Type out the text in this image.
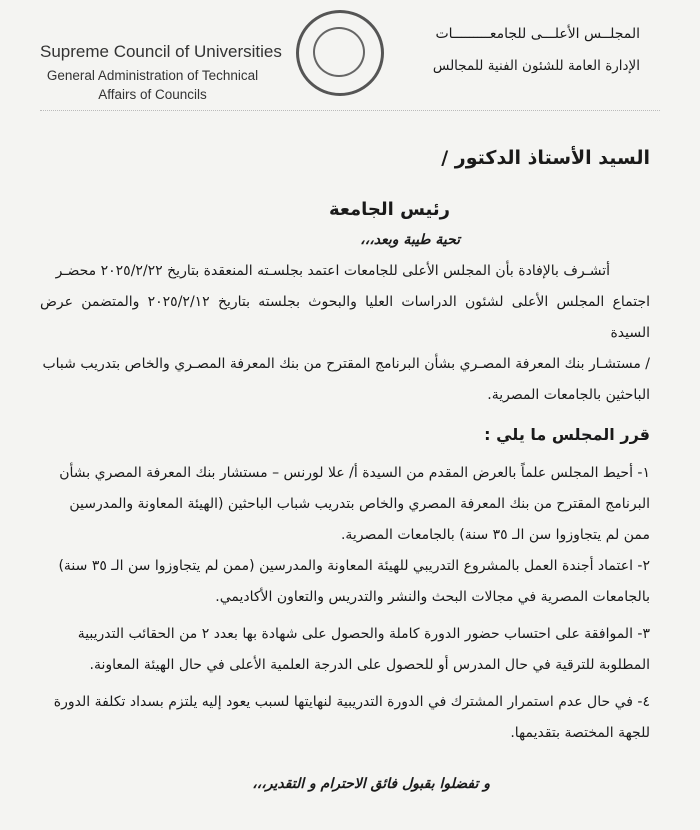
Supreme Council of Universities
General Administration of Technical
Affairs of Councils
المجلــس الأعلـــى للجامعـــــــــات
الإدارة العامة للشئون الفنية للمجالس
السيد الأستاذ الدكتور /
رئيس الجامعة
تحية طيبة وبعد،،،
أتشـرف بالإفادة بأن المجلس الأعلى للجامعات اعتمد بجلسـته المنعقدة بتاريخ ٢٠٢٥/٢/٢٢ محضـر
اجتماع المجلس الأعلى لشئون الدراسات العليا والبحوث بجلسته بتاريخ ٢٠٢٥/٢/١٢ والمتضمن عرض السيدة
/ مستشـار بنك المعرفة المصـري بشأن البرنامج المقترح من بنك المعرفة المصـري والخاص بتدريب شباب
الباحثين بالجامعات المصرية.
قرر المجلس ما يلي :
١- أحيط المجلس علماً بالعرض المقدم من السيدة أ/ علا لورنس – مستشار بنك المعرفة المصري بشأن
البرنامج المقترح من بنك المعرفة المصري والخاص بتدريب شباب الباحثين (الهيئة المعاونة والمدرسين
ممن لم يتجاوزوا سن الـ ٣٥ سنة) بالجامعات المصرية.
٢- اعتماد أجندة العمل بالمشروع التدريبي للهيئة المعاونة والمدرسين (ممن لم يتجاوزوا سن الـ ٣٥ سنة)
بالجامعات المصرية في مجالات البحث والنشر والتدريس والتعاون الأكاديمي.
٣- الموافقة على احتساب حضور الدورة كاملة والحصول على شهادة بها بعدد ٢ من الحقائب التدريبية
المطلوبة للترقية في حال المدرس أو للحصول على الدرجة العلمية الأعلى في حال الهيئة المعاونة.
٤- في حال عدم استمرار المشترك في الدورة التدريبية لنهايتها لسبب يعود إليه يلتزم بسداد تكلفة الدورة
للجهة المختصة بتقديمها.
و تفضلوا بقبول فائق الاحترام و التقدير،،،
